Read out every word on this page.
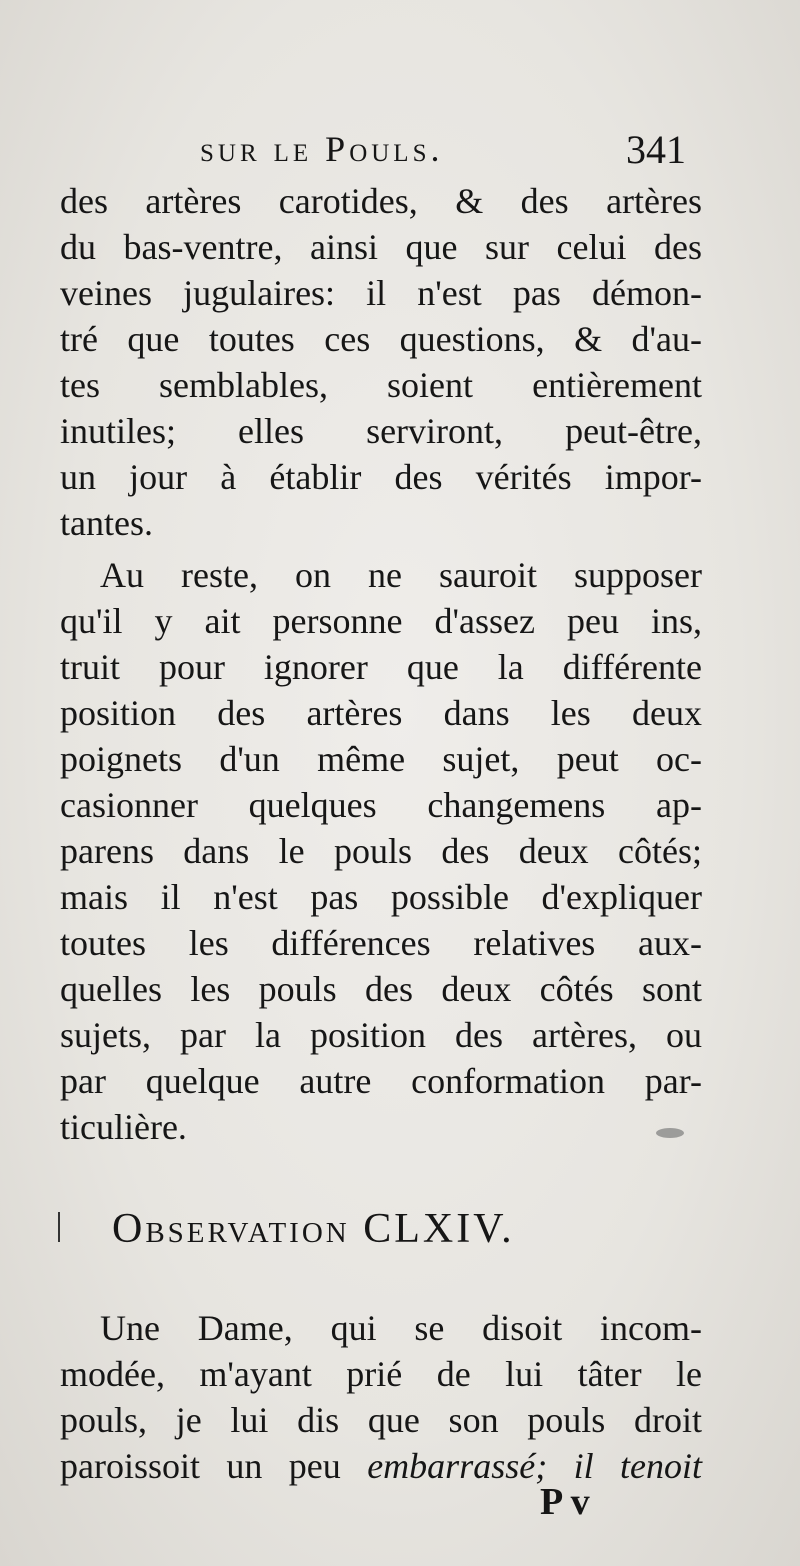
sur le Pouls.	341
des artères carotides, & des artères
du bas-ventre, ainsi que sur celui des
veines jugulaires: il n'est pas démon-
tré que toutes ces questions, & d'au-
tes semblables, soient entièrement
inutiles; elles serviront, peut-être,
un jour à établir des vérités impor-
tantes.
Au reste, on ne sauroit supposer
qu'il y ait personne d'assez peu ins,
truit pour ignorer que la différente
position des artères dans les deux
poignets d'un même sujet, peut oc-
casionner quelques changemens ap-
parens dans le pouls des deux côtés;
mais il n'est pas possible d'expliquer
toutes les différences relatives aux-
quelles les pouls des deux côtés sont
sujets, par la position des artères, ou
par quelque autre conformation par-
ticulière.
Observation CLXIV.
Une Dame, qui se disoit incom-
modée, m'ayant prié de lui tâter le
pouls, je lui dis que son pouls droit
paroissoit un peu embarrassé; il tenoit
P v
